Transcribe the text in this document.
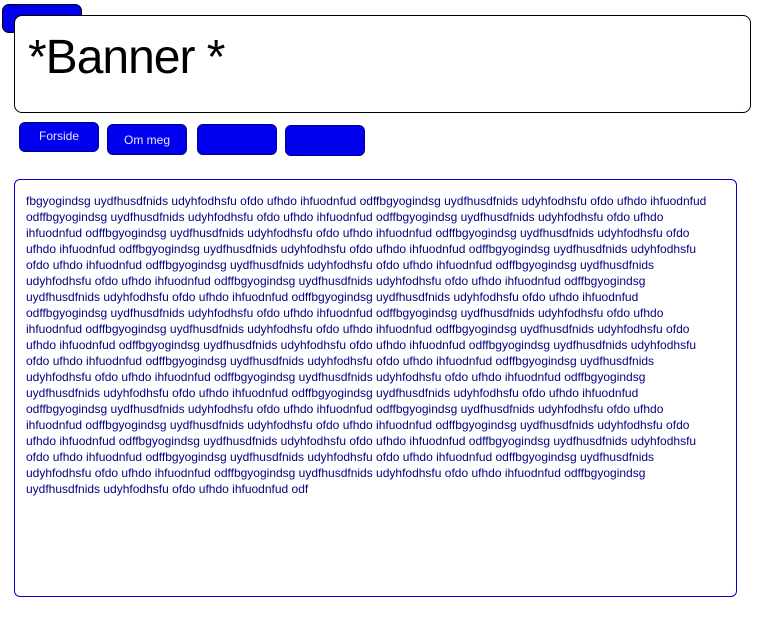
*Banner *
Forside	Om meg
fbgyogindsg uydfhusdfnids udyhfodhsfu ofdo ufhdo ihfuodnfud odffbgyogindsg uydfhusdfnids udyhfodhsfu ofdo ufhdo ihfuodnfud odffbgyogindsg uydfhusdfnids udyhfodhsfu ofdo ufhdo ihfuodnfud odffbgyogindsg uydfhusdfnids udyhfodhsfu ofdo ufhdo ihfuodnfud odffbgyogindsg uydfhusdfnids udyhfodhsfu ofdo ufhdo ihfuodnfud odffbgyogindsg uydfhusdfnids udyhfodhsfu ofdo ufhdo ihfuodnfud odffbgyogindsg uydfhusdfnids udyhfodhsfu ofdo ufhdo ihfuodnfud odffbgyogindsg uydfhusdfnids udyhfodhsfu ofdo ufhdo ihfuodnfud odffbgyogindsg uydfhusdfnids udyhfodhsfu ofdo ufhdo ihfuodnfud odffbgyogindsg uydfhusdfnids udyhfodhsfu ofdo ufhdo ihfuodnfud odffbgyogindsg uydfhusdfnids udyhfodhsfu ofdo ufhdo ihfuodnfud odffbgyogindsg uydfhusdfnids udyhfodhsfu ofdo ufhdo ihfuodnfud odffbgyogindsg uydfhusdfnids udyhfodhsfu ofdo ufhdo ihfuodnfud odffbgyogindsg uydfhusdfnids udyhfodhsfu ofdo ufhdo ihfuodnfud odffbgyogindsg uydfhusdfnids udyhfodhsfu ofdo ufhdo ihfuodnfud odffbgyogindsg uydfhusdfnids udyhfodhsfu ofdo ufhdo ihfuodnfud odffbgyogindsg uydfhusdfnids udyhfodhsfu ofdo ufhdo ihfuodnfud odffbgyogindsg uydfhusdfnids udyhfodhsfu ofdo ufhdo ihfuodnfud odffbgyogindsg uydfhusdfnids udyhfodhsfu ofdo ufhdo ihfuodnfud odffbgyogindsg uydfhusdfnids udyhfodhsfu ofdo ufhdo ihfuodnfud odffbgyogindsg uydfhusdfnids udyhfodhsfu ofdo ufhdo ihfuodnfud odffbgyogindsg uydfhusdfnids udyhfodhsfu ofdo ufhdo ihfuodnfud odffbgyogindsg uydfhusdfnids udyhfodhsfu ofdo ufhdo ihfuodnfud odffbgyogindsg uydfhusdfnids udyhfodhsfu ofdo ufhdo ihfuodnfud odffbgyogindsg uydfhusdfnids udyhfodhsfu ofdo ufhdo ihfuodnfud odffbgyogindsg uydfhusdfnids udyhfodhsfu ofdo ufhdo ihfuodnfud odffbgyogindsg uydfhusdfnids udyhfodhsfu ofdo ufhdo ihfuodnfud odffbgyogindsg uydfhusdfnids udyhfodhsfu ofdo ufhdo ihfuodnfud odffbgyogindsg uydfhusdfnids udyhfodhsfu ofdo ufhdo ihfuodnfud odffbgyogindsg uydfhusdfnids udyhfodhsfu ofdo ufhdo ihfuodnfud odffbgyogindsg uydfhusdfnids udyhfodhsfu ofdo ufhdo ihfuodnfud odffbgyogindsg uydfhusdfnids udyhfodhsfu ofdo ufhdo ihfuodnfud odffbgyogindsg uydfhusdfnids udyhfodhsfu ofdo ufhdo ihfuodnfud odffbgyogindsg uydfhusdfnids udyhfodhsfu ofdo ufhdo ihfuodnfud odf
